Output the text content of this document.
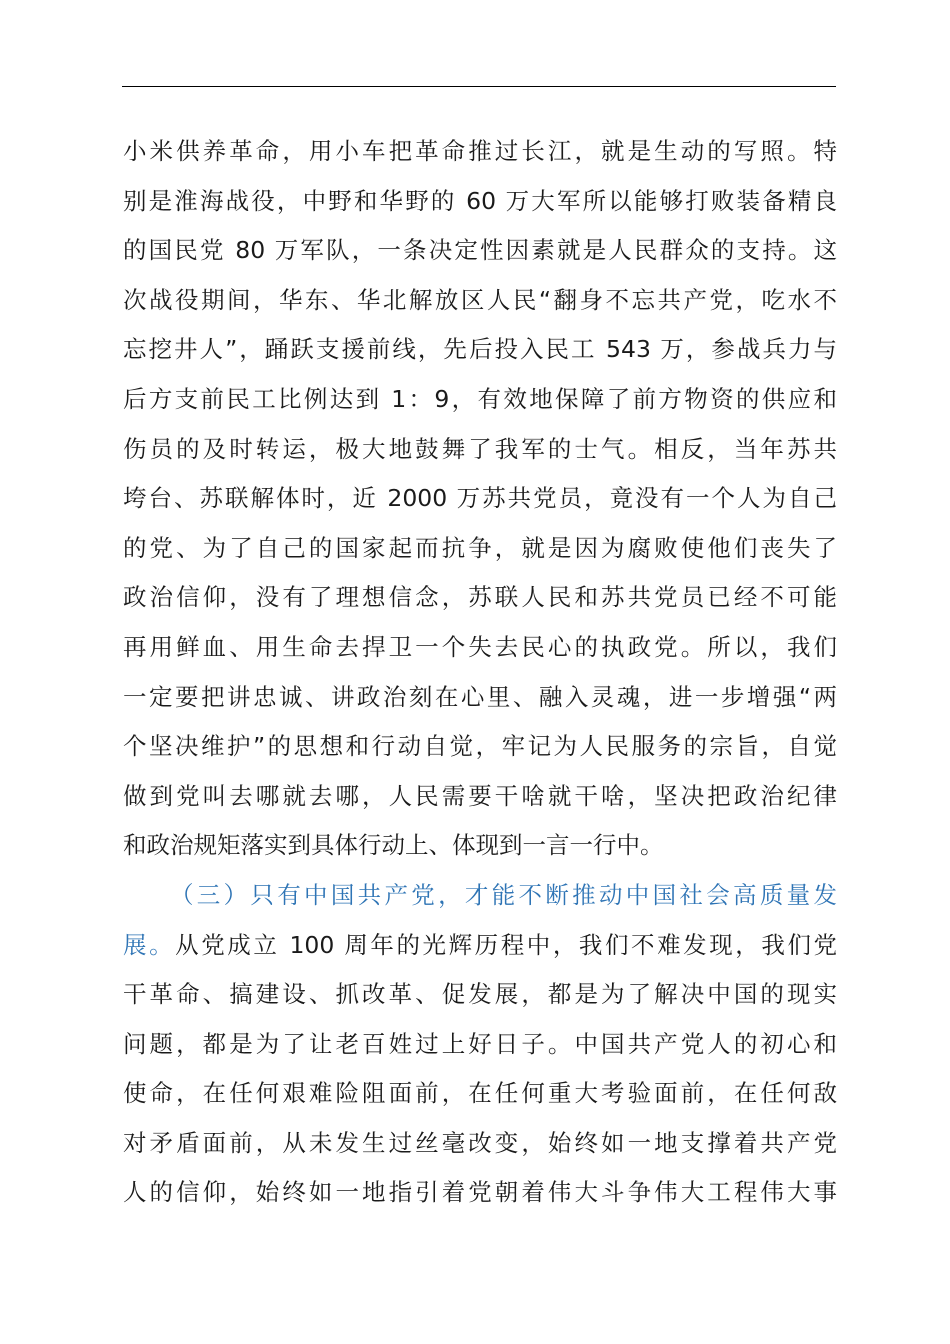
小米供养革命，用小车把革命推过长江，就是生动的写照。特
别是淮海战役，中野和华野的 60 万大军所以能够打败装备精良
的国民党 80 万军队，一条决定性因素就是人民群众的支持。这
次战役期间，华东、华北解放区人民“翻身不忘共产党，吃水不
忘挖井人”，踊跃支援前线，先后投入民工 543 万，参战兵力与
后方支前民工比例达到 1：9，有效地保障了前方物资的供应和
伤员的及时转运，极大地鼓舞了我军的士气。相反，当年苏共
垮台、苏联解体时，近 2000 万苏共党员，竟没有一个人为自己
的党、为了自己的国家起而抗争，就是因为腐败使他们丧失了
政治信仰，没有了理想信念，苏联人民和苏共党员已经不可能
再用鲜血、用生命去捍卫一个失去民心的执政党。所以，我们
一定要把讲忠诚、讲政治刻在心里、融入灵魂，进一步增强“两
个坚决维护”的思想和行动自觉，牢记为人民服务的宗旨，自觉
做到党叫去哪就去哪，人民需要干啥就干啥，坚决把政治纪律
和政治规矩落实到具体行动上、体现到一言一行中。
（三）只有中国共产党，才能不断推动中国社会高质量发
展。从党成立 100 周年的光辉历程中，我们不难发现，我们党
干革命、搞建设、抓改革、促发展，都是为了解决中国的现实
问题，都是为了让老百姓过上好日子。中国共产党人的初心和
使命，在任何艰难险阻面前，在任何重大考验面前，在任何敌
对矛盾面前，从未发生过丝毫改变，始终如一地支撑着共产党
人的信仰，始终如一地指引着党朝着伟大斗争伟大工程伟大事
